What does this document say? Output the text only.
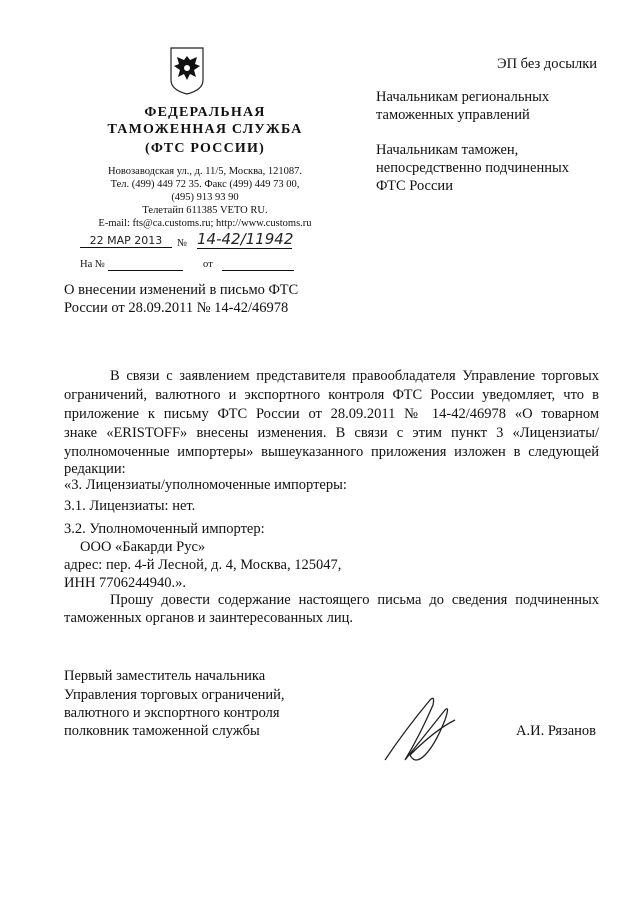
ЭП без досылки
ФЕДЕРАЛЬНАЯ
ТАМОЖЕННАЯ СЛУЖБА
(ФТС РОССИИ)
Новозаводская ул., д. 11/5, Москва, 121087.
Тел. (499) 449 72 35. Факс (499) 449 73 00,
(495) 913 93 90
Телетайп 611385 VETO RU.
E-mail: fts@ca.customs.ru; http://www.customs.ru
22 МАР 2013	№ 14-42/11942
На №	от
Начальникам региональных
таможенных управлений
Начальникам таможен,
непосредственно подчиненных
ФТС России
О внесении изменений в письмо ФТС
России от 28.09.2011 № 14-42/46978
В связи с заявлением представителя правообладателя Управление торговых
ограничений, валютного и экспортного контроля ФТС России уведомляет, что в
приложение к письму ФТС России от 28.09.2011 № 14-42/46978 «О товарном
знаке «ERISTOFF» внесены изменения. В связи с этим пункт 3 «Лицензиаты/
уполномоченные импортеры» вышеуказанного приложения изложен в следующей
редакции:
«3. Лицензиаты/уполномоченные импортеры:
3.1. Лицензиаты: нет.
3.2. Уполномоченный импортер:
ООО «Бакарди Рус»
адрес: пер. 4-й Лесной, д. 4, Москва, 125047,
ИНН 7706244940.».
Прошу довести содержание настоящего письма до сведения подчиненных
таможенных органов и заинтересованных лиц.
Первый заместитель начальника
Управления торговых ограничений,
валютного и экспортного контроля
полковник таможенной службы	А.И. Рязанов
